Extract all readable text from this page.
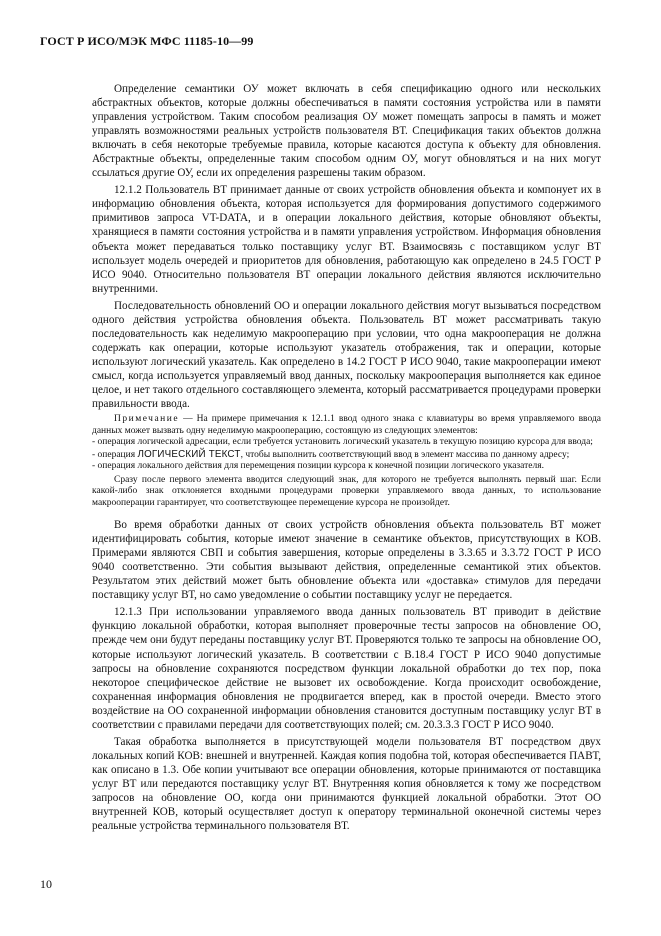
ГОСТ Р ИСО/МЭК МФС 11185-10—99

Определение семантики ОУ может включать в себя спецификацию одного или нескольких абстрактных объектов, которые должны обеспечиваться в памяти состояния устройства или в памяти управления устройством. Таким способом реализация ОУ может помещать запросы в память и может управлять возможностями реальных устройств пользователя ВТ. Спецификация таких объектов должна включать в себя некоторые требуемые правила, которые касаются доступа к объекту для обновления. Абстрактные объекты, определенные таким способом одним ОУ, могут обновляться и на них могут ссылаться другие ОУ, если их определения разрешены таким образом.

12.1.2 Пользователь ВТ принимает данные от своих устройств обновления объекта и компонует их в информацию обновления объекта, которая используется для формирования допустимого содержимого примитивов запроса VT-DATA, и в операции локального действия, которые обновляют объекты, хранящиеся в памяти состояния устройства и в памяти управления устройством. Информация обновления объекта может передаваться только поставщику услуг ВТ. Взаимосвязь с поставщиком услуг ВТ использует модель очередей и приоритетов для обновления, работающую как определено в 24.5 ГОСТ Р ИСО 9040. Относительно пользователя ВТ операции локального действия являются исключительно внутренними.

Последовательность обновлений ОО и операции локального действия могут вызываться посредством одного действия устройства обновления объекта. Пользователь ВТ может рассматривать такую последовательность как неделимую макрооперацию при условии, что одна макрооперация не должна содержать как операции, которые используют указатель отображения, так и операции, которые используют логический указатель. Как определено в 14.2 ГОСТ Р ИСО 9040, такие макрооперации имеют смысл, когда используется управляемый ввод данных, поскольку макрооперация выполняется как единое целое, и нет такого отдельного составляющего элемента, который рассматривается процедурами проверки правильности ввода.

Примечание — На примере примечания к 12.1.1 ввод одного знака с клавиатуры во время управляемого ввода данных может вызвать одну неделимую макрооперацию, состоящую из следующих элементов:

- операция логической адресации, если требуется установить логический указатель в текущую позицию курсора для ввода;

- операция ЛОГИЧЕСКИЙ ТЕКСТ, чтобы выполнить соответствующий ввод в элемент массива по данному адресу;

- операция локального действия для перемещения позиции курсора к конечной позиции логического указателя.

Сразу после первого элемента вводится следующий знак, для которого не требуется выполнять первый шаг. Если какой-либо знак отклоняется входными процедурами проверки управляемого ввода данных, то использование макрооперации гарантирует, что соответствующее перемещение курсора не произойдет.

Во время обработки данных от своих устройств обновления объекта пользователь ВТ может идентифицировать события, которые имеют значение в семантике объектов, присутствующих в КОВ. Примерами являются СВП и события завершения, которые определены в 3.3.65 и 3.3.72 ГОСТ Р ИСО 9040 соответственно. Эти события вызывают действия, определенные семантикой этих объектов. Результатом этих действий может быть обновление объекта или «доставка» стимулов для передачи поставщику услуг ВТ, но само уведомление о событии поставщику услуг не передается.

12.1.3 При использовании управляемого ввода данных пользователь ВТ приводит в действие функцию локальной обработки, которая выполняет проверочные тесты запросов на обновление ОО, прежде чем они будут переданы поставщику услуг ВТ. Проверяются только те запросы на обновление ОО, которые используют логический указатель. В соответствии с В.18.4 ГОСТ Р ИСО 9040 допустимые запросы на обновление сохраняются посредством функции локальной обработки до тех пор, пока некоторое специфическое действие не вызовет их освобождение. Когда происходит освобождение, сохраненная информация обновления не продвигается вперед, как в простой очереди. Вместо этого воздействие на ОО сохраненной информации обновления становится доступным поставщику услуг ВТ в соответствии с правилами передачи для соответствующих полей; см. 20.3.3.3 ГОСТ Р ИСО 9040.

Такая обработка выполняется в присутствующей модели пользователя ВТ посредством двух локальных копий КОВ: внешней и внутренней. Каждая копия подобна той, которая обеспечивается ПАВТ, как описано в 1.3. Обе копии учитывают все операции обновления, которые принимаются от поставщика услуг ВТ или передаются поставщику услуг ВТ. Внутренняя копия обновляется к тому же посредством запросов на обновление ОО, когда они принимаются функцией локальной обработки. Этот ОО внутренней КОВ, который осуществляет доступ к оператору терминальной оконечной системы через реальные устройства терминального пользователя ВТ.

10
